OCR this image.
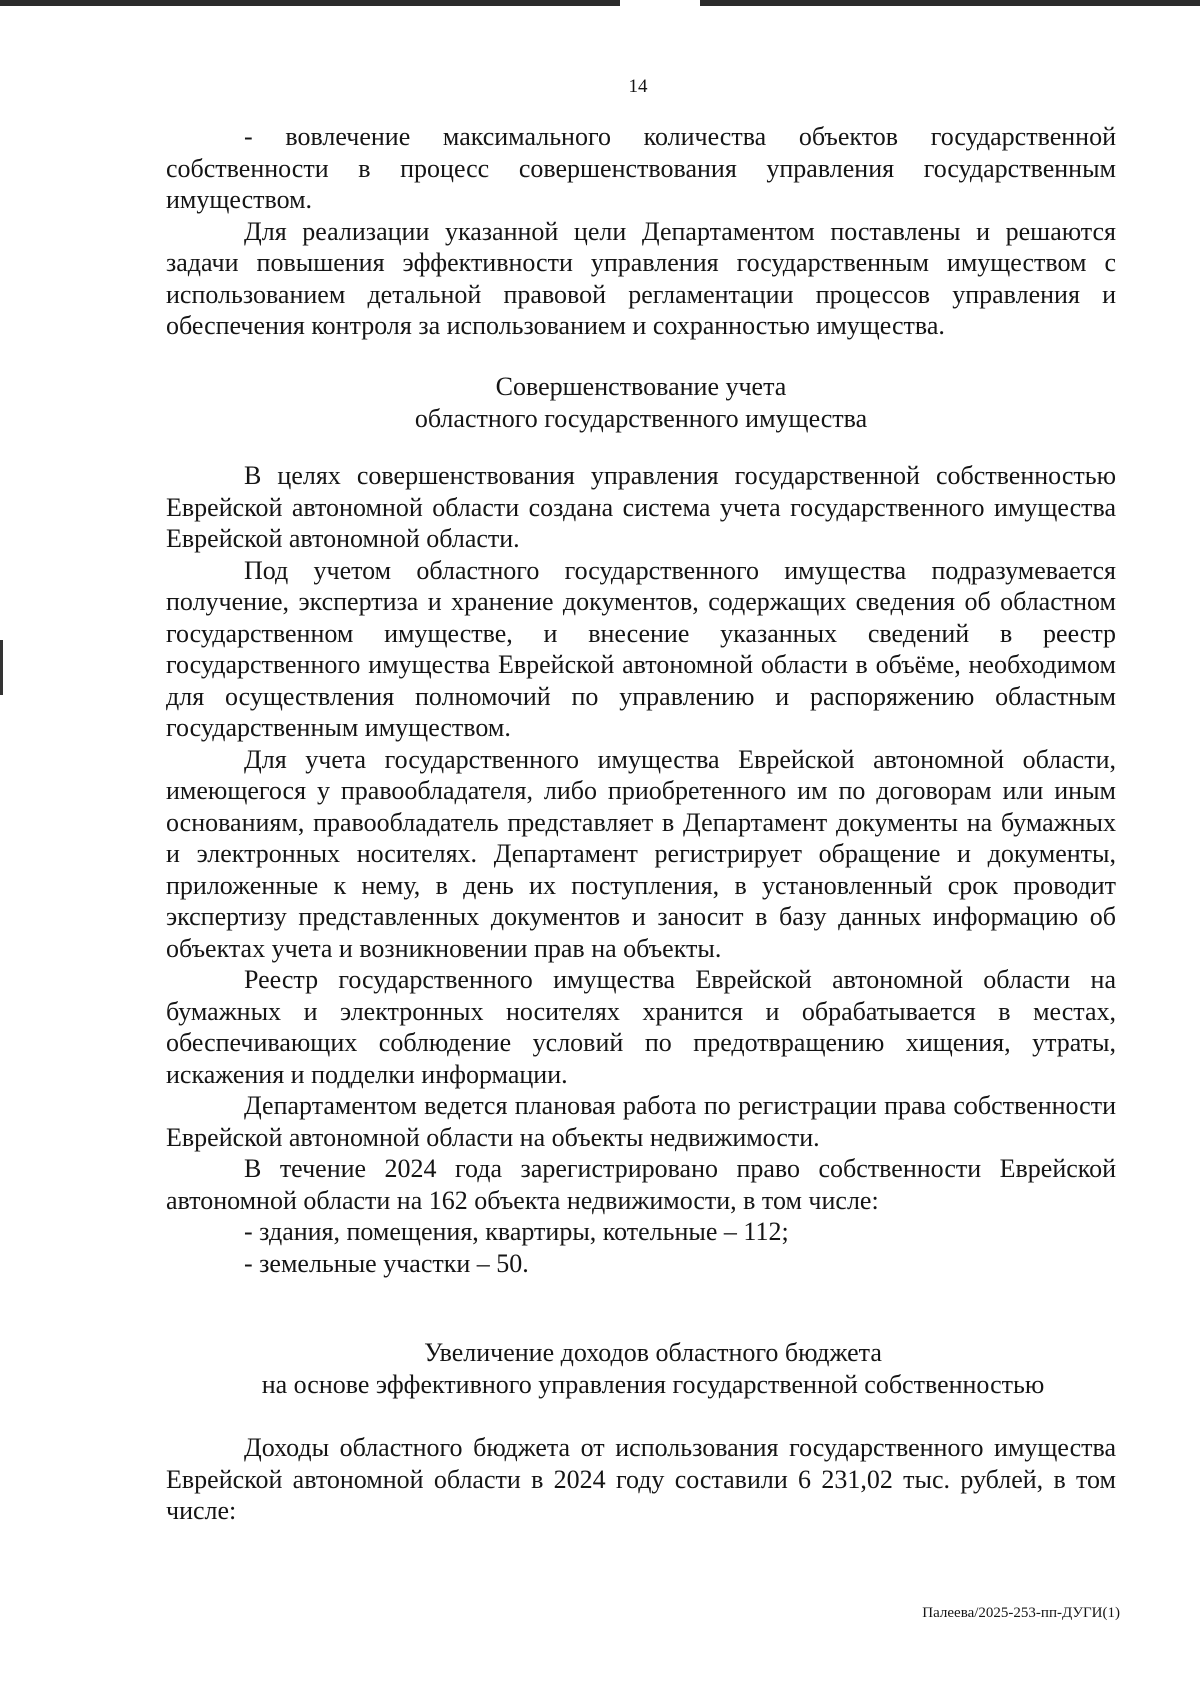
14

- вовлечение максимального количества объектов государственной собственности в процесс совершенствования управления государственным имуществом.

Для реализации указанной цели Департаментом поставлены и решаются задачи повышения эффективности управления государственным имуществом с использованием детальной правовой регламентации процессов управления и обеспечения контроля за использованием и сохранностью имущества.

Совершенствование учета

областного государственного имущества

В целях совершенствования управления государственной собственностью Еврейской автономной области создана система учета государственного имущества Еврейской автономной области.

Под учетом областного государственного имущества подразумевается получение, экспертиза и хранение документов, содержащих сведения об областном государственном имуществе, и внесение указанных сведений в реестр государственного имущества Еврейской автономной области в объёме, необходимом для осуществления полномочий по управлению и распоряжению областным государственным имуществом.

Для учета государственного имущества Еврейской автономной области, имеющегося у правообладателя, либо приобретенного им по договорам или иным основаниям, правообладатель представляет в Департамент документы на бумажных и электронных носителях. Департамент регистрирует обращение и документы, приложенные к нему, в день их поступления, в установленный срок проводит экспертизу представленных документов и заносит в базу данных информацию об объектах учета и возникновении прав на объекты.

Реестр государственного имущества Еврейской автономной области на бумажных и электронных носителях хранится и обрабатывается в местах, обеспечивающих соблюдение условий по предотвращению хищения, утраты, искажения и подделки информации.

Департаментом ведется плановая работа по регистрации права собственности Еврейской автономной области на объекты недвижимости.

В течение 2024 года зарегистрировано право собственности Еврейской автономной области на 162 объекта недвижимости, в том числе:

- здания, помещения, квартиры, котельные – 112;

- земельные участки – 50.

Увеличение доходов областного бюджета

на основе эффективного управления государственной собственностью

Доходы областного бюджета от использования государственного имущества Еврейской автономной области в 2024 году составили 6 231,02 тыс. рублей, в том числе:

Палеева/2025-253-пп-ДУГИ(1)
